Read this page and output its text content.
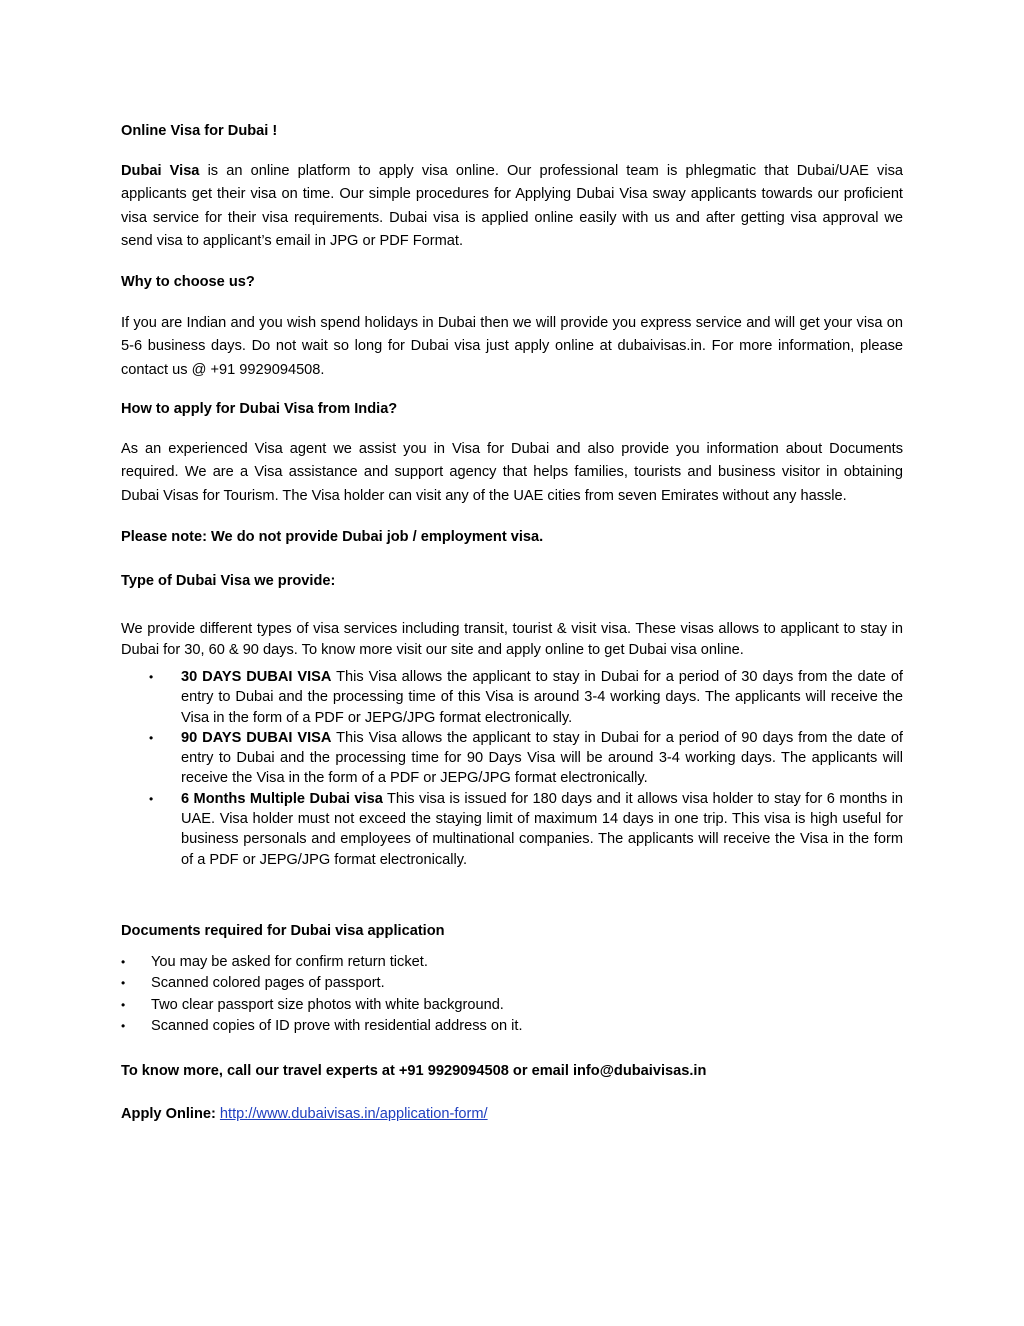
Online Visa for Dubai !

Dubai Visa is an online platform to apply visa online. Our professional team is phlegmatic that Dubai/UAE visa applicants get their visa on time. Our simple procedures for Applying Dubai Visa sway applicants towards our proficient visa service for their visa requirements. Dubai visa is applied online easily with us and after getting visa approval we send visa to applicant’s email in JPG or PDF Format.

Why to choose us?

If you are Indian and you wish spend holidays in Dubai then we will provide you express service and will get your visa on 5-6 business days. Do not wait so long for Dubai visa just apply online at dubaivisas.in. For more information, please contact us @ +91 9929094508.

How to apply for Dubai Visa from India?

As an experienced Visa agent we assist you in Visa for Dubai and also provide you information about Documents required. We are a Visa assistance and support agency that helps families, tourists and business visitor in obtaining Dubai Visas for Tourism. The Visa holder can visit any of the UAE cities from seven Emirates without any hassle.

Please note: We do not provide Dubai job / employment visa.

Type of Dubai Visa we provide:

We provide different types of visa services including transit, tourist & visit visa. These visas allows to applicant to stay in Dubai for 30, 60 & 90 days. To know more visit our site and apply online to get Dubai visa online.

• 30 DAYS DUBAI VISA This Visa allows the applicant to stay in Dubai for a period of 30 days from the date of entry to Dubai and the processing time of this Visa is around 3-4 working days. The applicants will receive the Visa in the form of a PDF or JEPG/JPG format electronically.
• 90 DAYS DUBAI VISA This Visa allows the applicant to stay in Dubai for a period of 90 days from the date of entry to Dubai and the processing time for 90 Days Visa will be around 3-4 working days. The applicants will receive the Visa in the form of a PDF or JEPG/JPG format electronically.
• 6 Months Multiple Dubai visa This visa is issued for 180 days and it allows visa holder to stay for 6 months in UAE. Visa holder must not exceed the staying limit of maximum 14 days in one trip. This visa is high useful for business personals and employees of multinational companies. The applicants will receive the Visa in the form of a PDF or JEPG/JPG format electronically.

Documents required for Dubai visa application

• You may be asked for confirm return ticket.
• Scanned colored pages of passport.
• Two clear passport size photos with white background.
• Scanned copies of ID prove with residential address on it.

To know more, call our travel experts at +91 9929094508 or email info@dubaivisas.in

Apply Online: http://www.dubaivisas.in/application-form/
